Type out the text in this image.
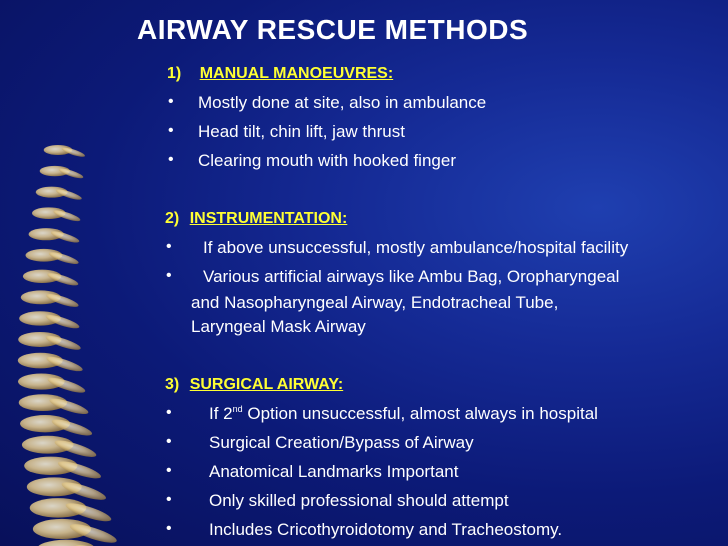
AIRWAY RESCUE METHODS
1) MANUAL MANOEUVRES:
• Mostly done at site, also in ambulance
• Head tilt, chin lift, jaw thrust
• Clearing mouth with hooked finger
2) INSTRUMENTATION:
• If above unsuccessful, mostly ambulance/hospital facility
• Various artificial airways like Ambu Bag, Oropharyngeal
and Nasopharyngeal Airway, Endotracheal Tube,
Laryngeal Mask Airway
3) SURGICAL AIRWAY:
• If 2nd Option unsuccessful, almost always in hospital
• Surgical Creation/Bypass of Airway
• Anatomical Landmarks Important
• Only skilled professional should attempt
• Includes Cricothyroidotomy and Tracheostomy.
